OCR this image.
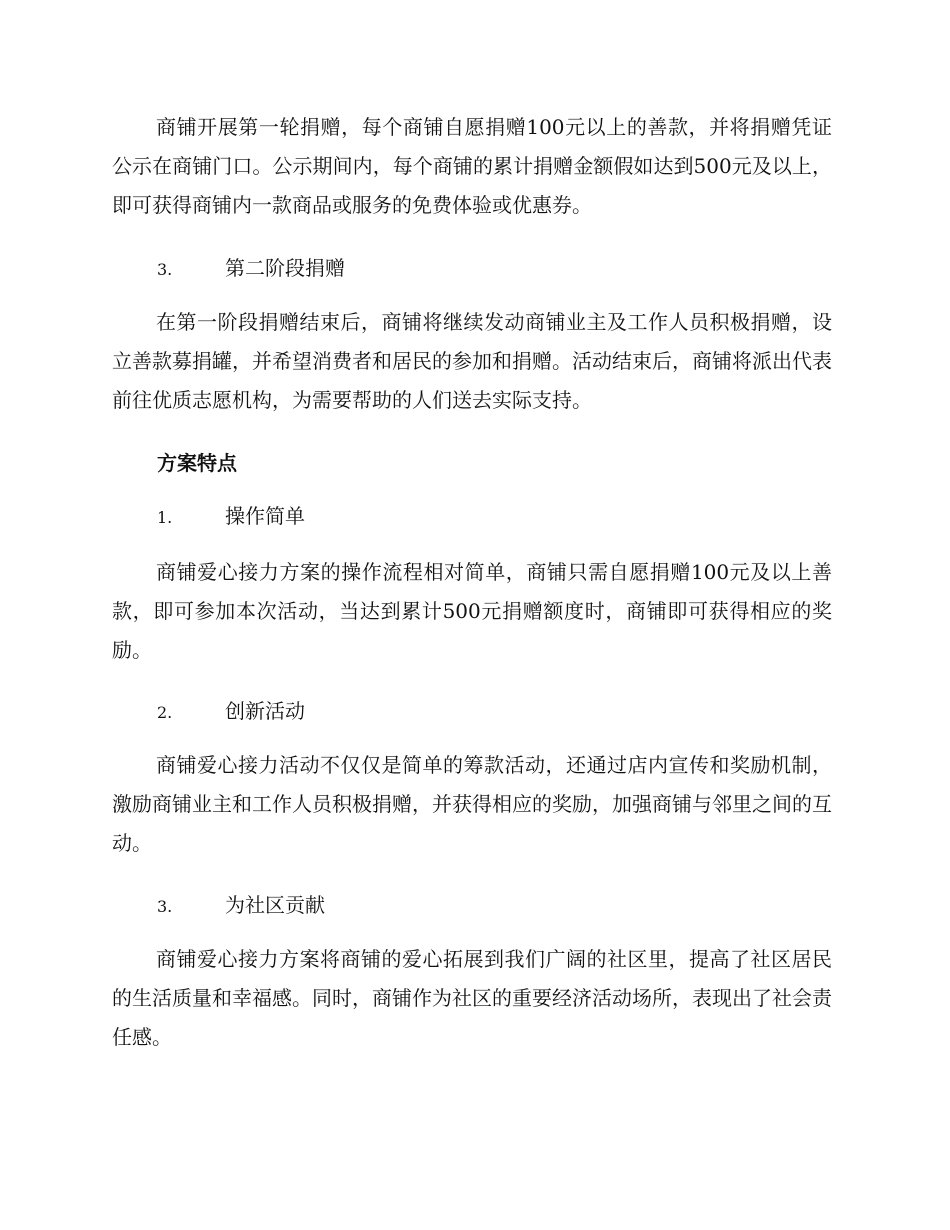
商铺开展第一轮捐赠，每个商铺自愿捐赠100元以上的善款，并将捐赠凭证公示在商铺门口。公示期间内，每个商铺的累计捐赠金额假如达到500元及以上，即可获得商铺内一款商品或服务的免费体验或优惠券。

3.	第二阶段捐赠

在第一阶段捐赠结束后，商铺将继续发动商铺业主及工作人员积极捐赠，设立善款募捐罐，并希望消费者和居民的参加和捐赠。活动结束后，商铺将派出代表前往优质志愿机构，为需要帮助的人们送去实际支持。

方案特点

1.	操作简单

商铺爱心接力方案的操作流程相对简单，商铺只需自愿捐赠100元及以上善款，即可参加本次活动，当达到累计500元捐赠额度时，商铺即可获得相应的奖励。

2.	创新活动

商铺爱心接力活动不仅仅是简单的筹款活动，还通过店内宣传和奖励机制，激励商铺业主和工作人员积极捐赠，并获得相应的奖励，加强商铺与邻里之间的互动。

3.	为社区贡献

商铺爱心接力方案将商铺的爱心拓展到我们广阔的社区里，提高了社区居民的生活质量和幸福感。同时，商铺作为社区的重要经济活动场所，表现出了社会责任感。
